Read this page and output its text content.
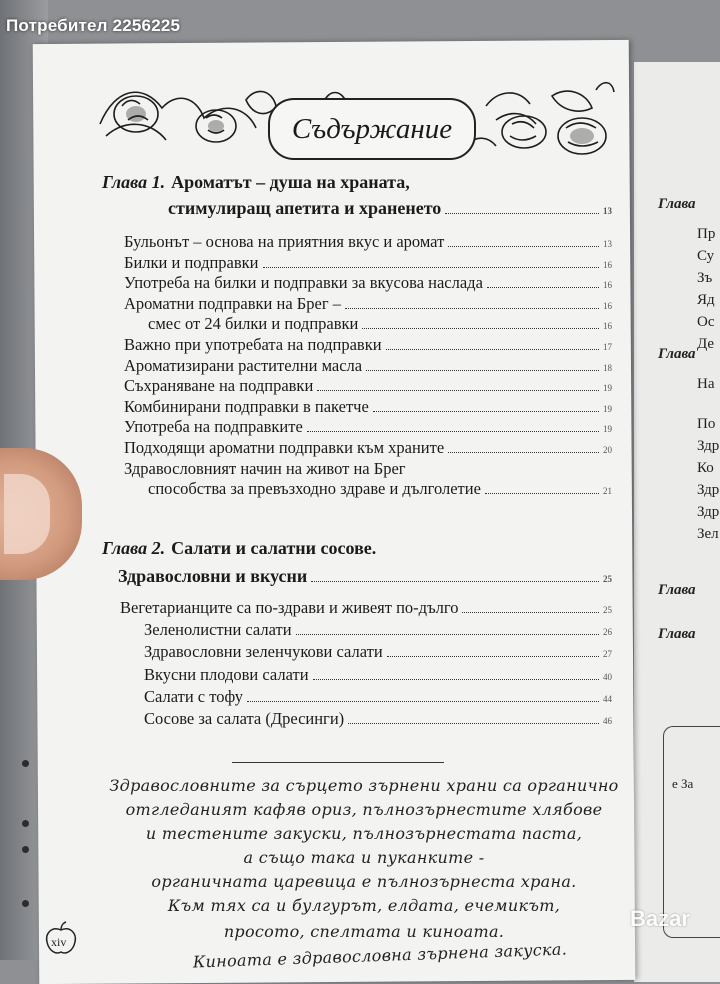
Глава
Глава
Глава
Глава
Пр
Су
Зъ
Яд
Ос
Де
На
По
Здр
Ко
Здр
Здр
Зел
е За
Съдържание
Глава 1. Ароматът – душа на храната,
стимулиращ апетита и храненето	13
Бульонът – основа на приятния вкус и аромат	13
Билки и подправки	16
Употреба на билки и подправки за вкусова наслада	16
Ароматни подправки на Брег –	16
смес от 24 билки и подправки	16
Важно при употребата на подправки	17
Ароматизирани растителни масла	18
Съхраняване на подправки	19
Комбинирани подправки в пакетче	19
Употреба на подправките	19
Подходящи ароматни подправки към храните	20
Здравословният начин на живот на Брег
способства за превъзходно здраве и дълголетие	21
Глава 2. Салати и салатни сосове.
Здравословни и вкусни	25
Вегетарианците са по-здрави и живеят по-дълго	25
Зеленолистни салати	26
Здравословни зеленчукови салати	27
Вкусни плодови салати	40
Салати с тофу	44
Сосове за салата (Дресинги)	46
Здравословните за сърцето зърнени храни са органично
отгледаният кафяв ориз, пълнозърнестите хлябове
и тестените закуски, пълнозърнестата паста,
а също така и пуканките -
органичната царевица е пълнозърнеста храна.
Към тях са и булгурът, елдата, ечемикът,
просото, спелтата и киноата.
Киноата е здравословна зърнена закуска.
xiv
Потребител 2256225
Bazar
